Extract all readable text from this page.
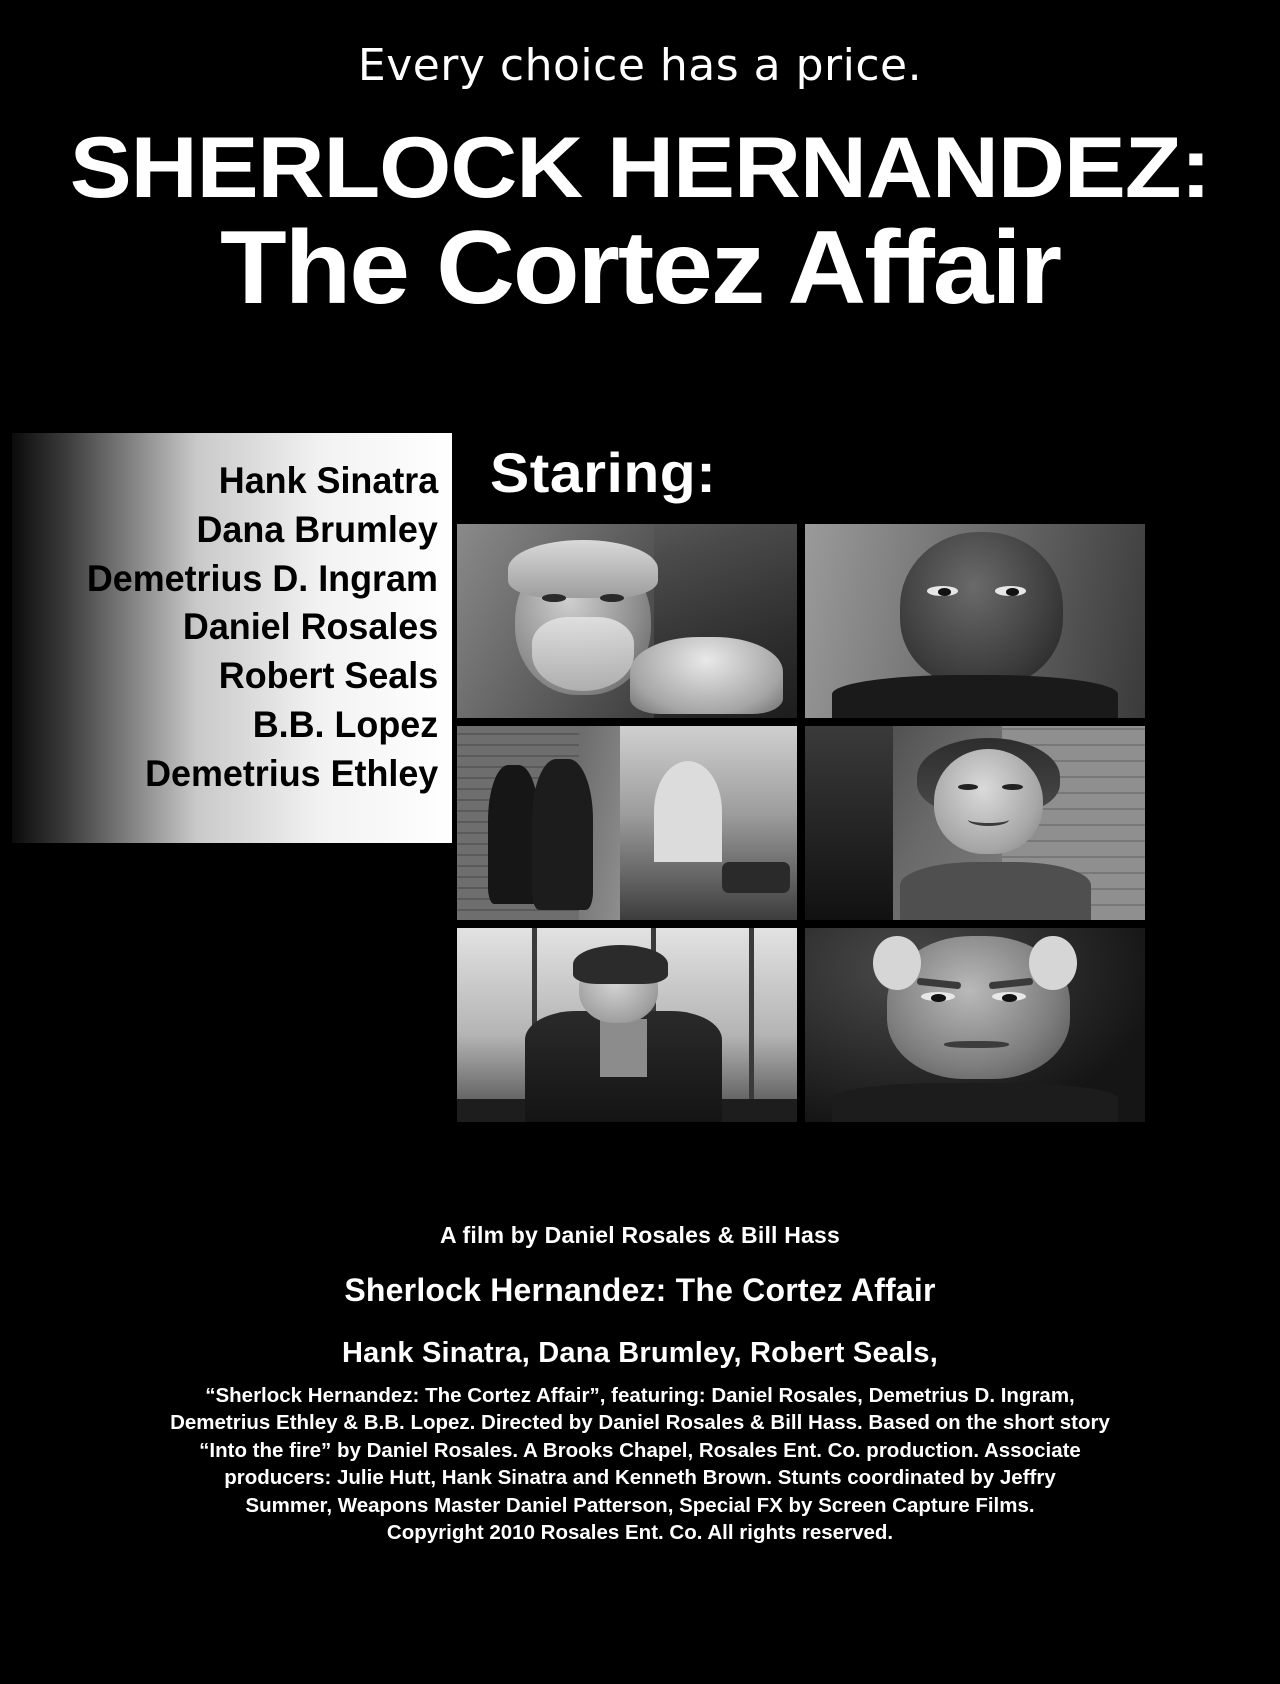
Every choice has a price.
SHERLOCK HERNANDEZ:
The Cortez Affair
Staring:
Hank Sinatra
Dana Brumley
Demetrius D. Ingram
Daniel Rosales
Robert Seals
B.B. Lopez
Demetrius Ethley
A film by Daniel Rosales & Bill Hass
Sherlock Hernandez: The Cortez Affair
Hank Sinatra, Dana Brumley, Robert Seals,
“Sherlock Hernandez: The Cortez Affair”, featuring: Daniel Rosales, Demetrius D. Ingram,
Demetrius Ethley & B.B. Lopez. Directed by Daniel Rosales & Bill Hass. Based on the short story
“Into the fire” by Daniel Rosales. A Brooks Chapel, Rosales Ent. Co. production. Associate
producers: Julie Hutt, Hank Sinatra and Kenneth Brown. Stunts coordinated by Jeffry
Summer, Weapons Master Daniel Patterson, Special FX by Screen Capture Films.
Copyright 2010 Rosales Ent. Co. All rights reserved.
